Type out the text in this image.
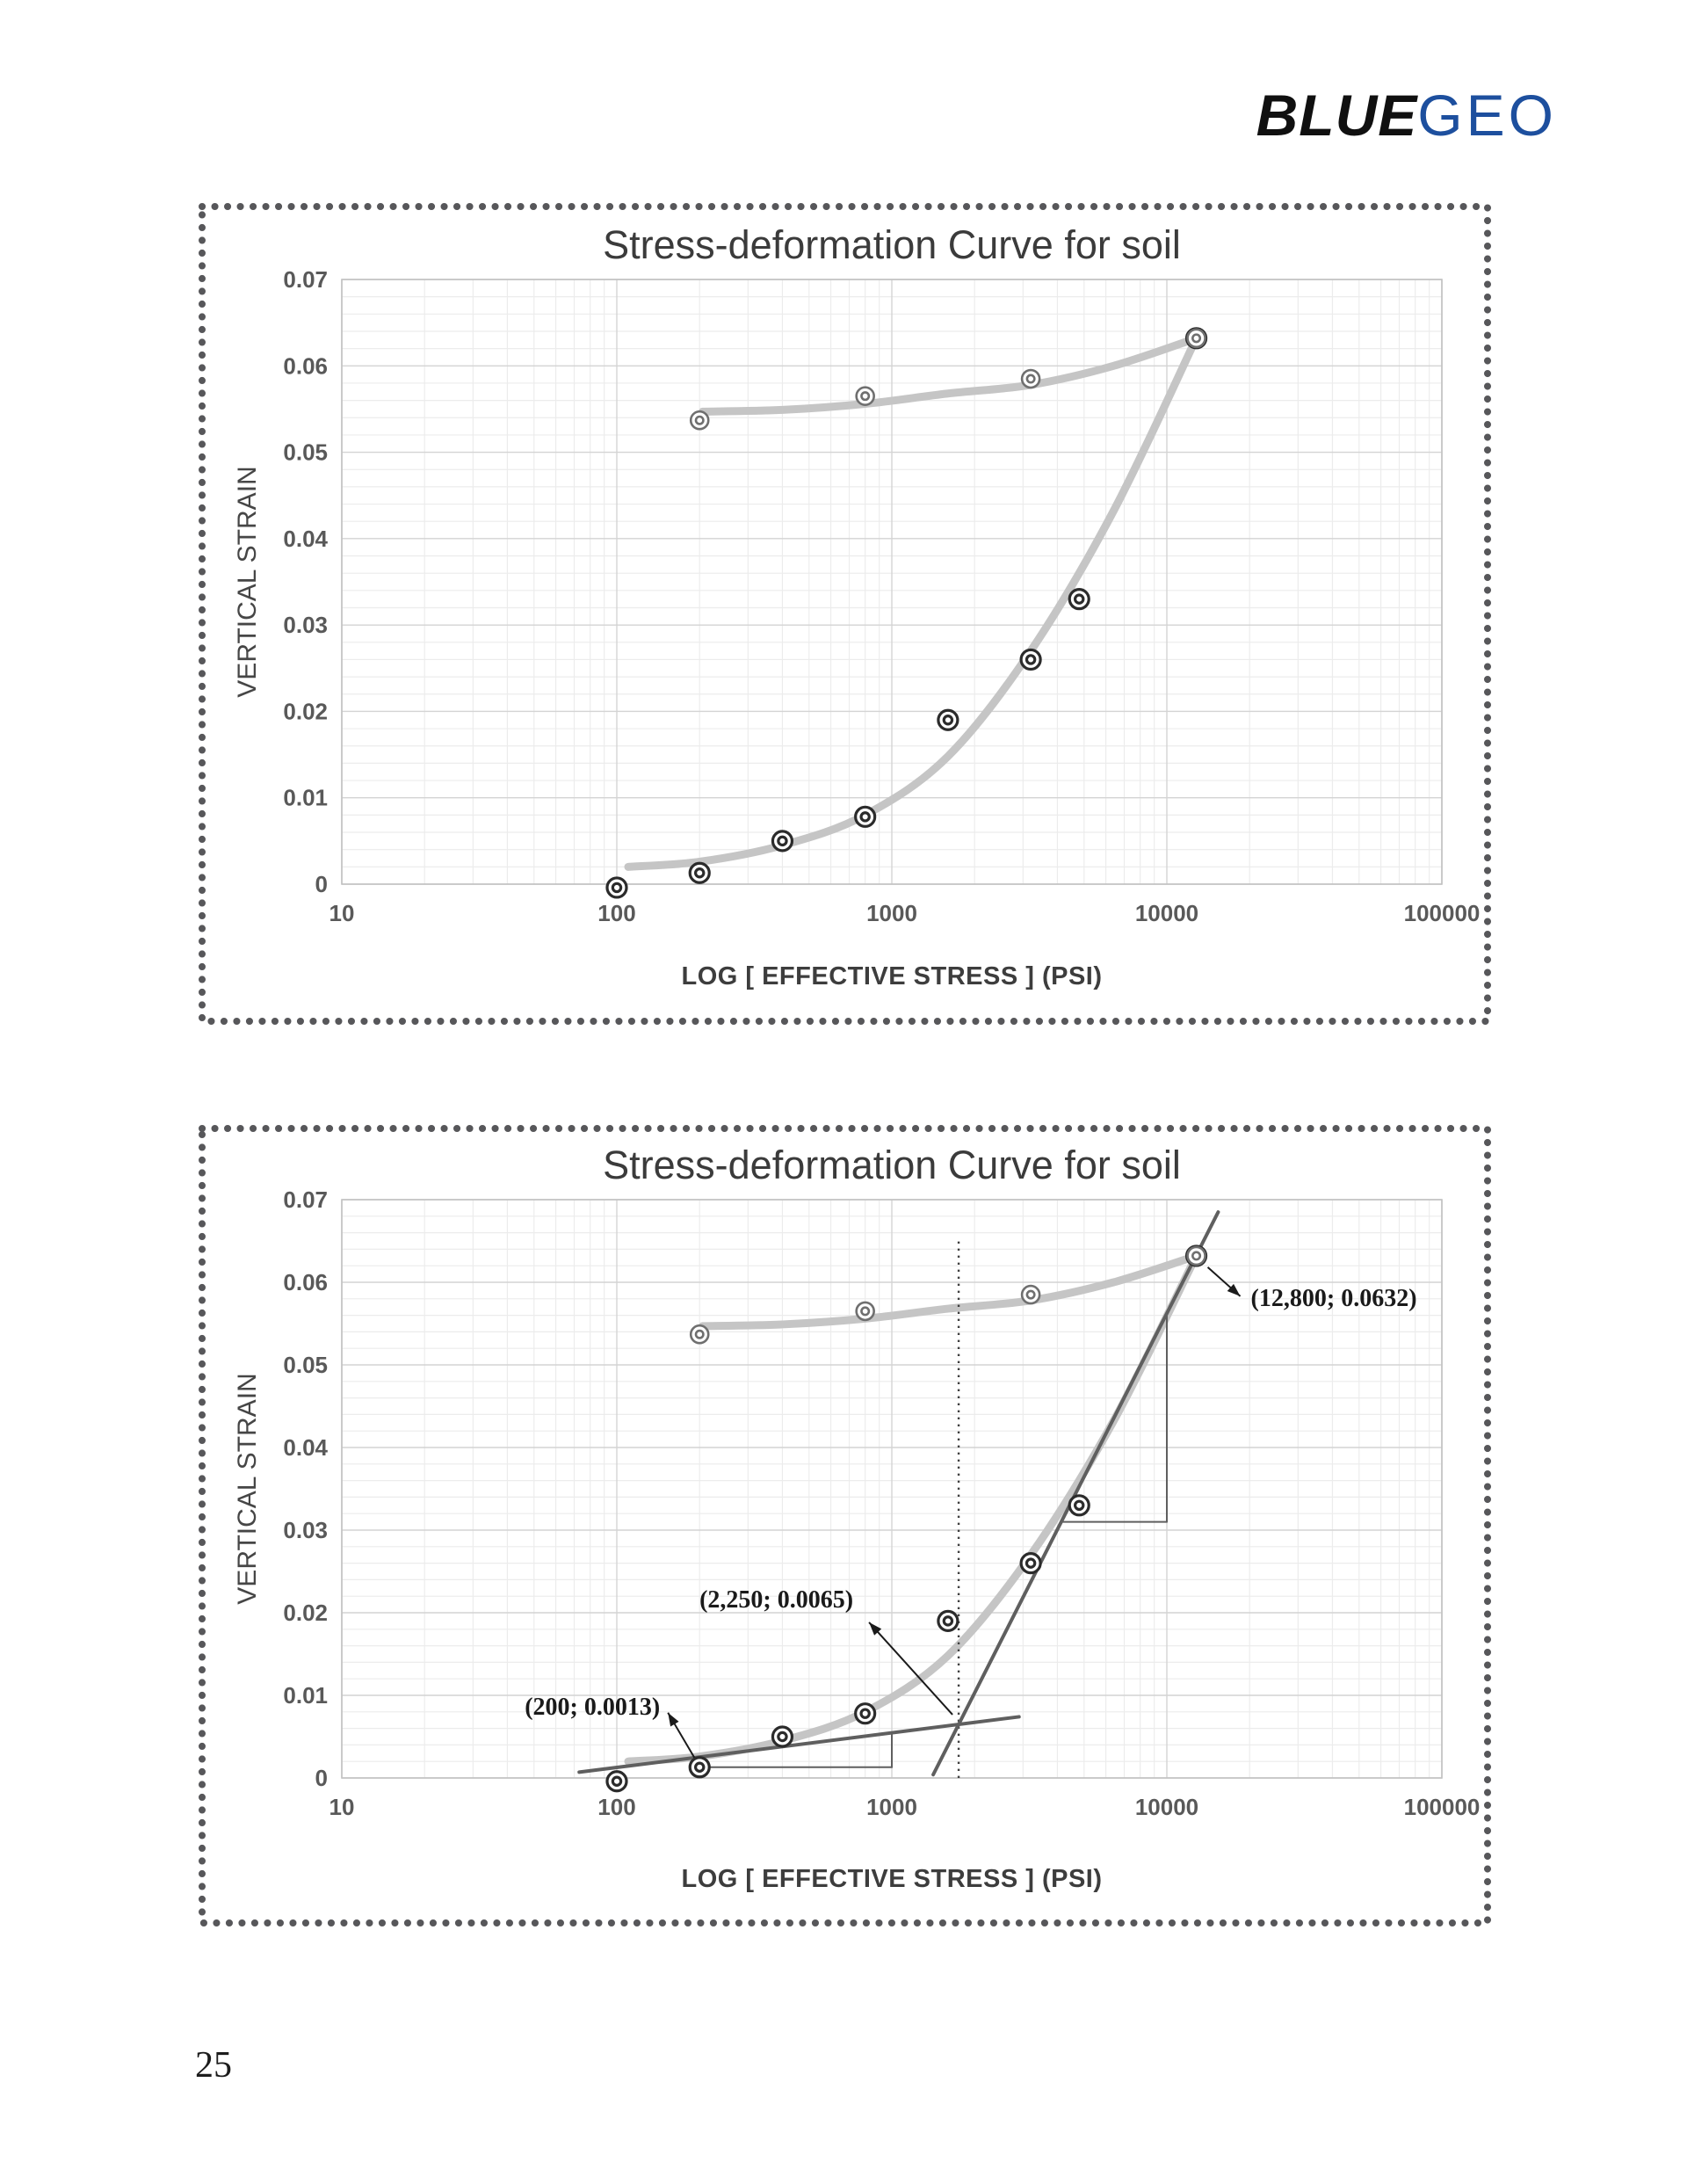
BLUEGEO
Stress-deformation Curve for soil
0
0.01
0.02
0.03
0.04
0.05
0.06
0.07
10	100	1000	10000	100000
LOG [ EFFECTIVE STRESS ] (PSI)
VERTICAL STRAIN
(12,800; 0.0632)
(2,250; 0.0065)
(200; 0.0013)
Stress-deformation Curve for soil
0
0.01
0.02
0.03
0.04
0.05
0.06
0.07
10	100	1000	10000	100000
LOG [ EFFECTIVE STRESS ] (PSI)
VERTICAL STRAIN
25
